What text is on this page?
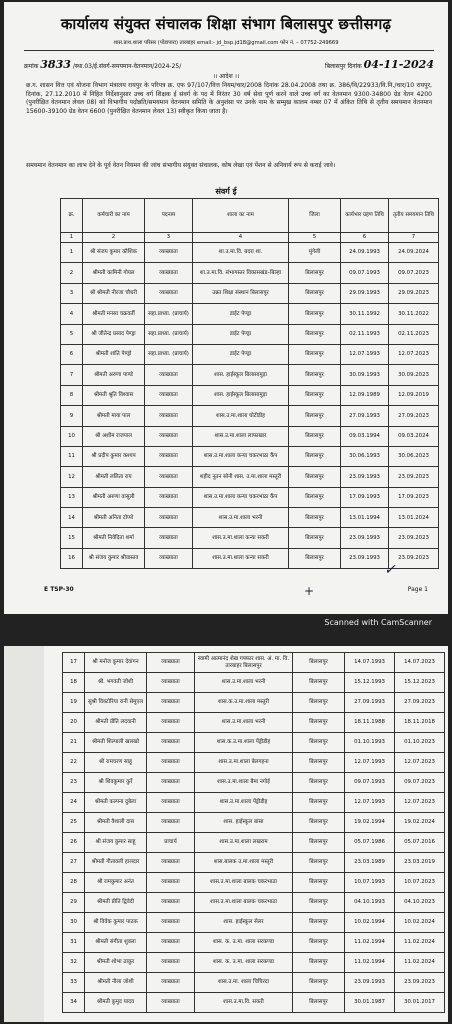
कार्यालय संयुक्त संचालक शिक्षा संभाग बिलासपुर छत्तीसगढ़
शास.प्राथ.शाला परिसर (पोंडापारा) तारबाहर email:- jd_bsp.jd18@gmail.com फोन नं. – 07752-249669
क्रमांक 3833 /स्था.03/ई.संवर्ग-समयमान-वेतनमान/2024-25/	बिलासपुर दिनांक 04-11-2024
।। आदेश ।।
छ.ग. शासन वित्त एवं योजना विभाग मंत्रालय रायपुर के परिपत्र क्र. एफ 97/107/वित्त नियम/चार/2008 दिनांक 28.04.2008 तथा क्र. 386/वि/22933/वि.नि./चार/10 रायपुर, दिनांक, 27.12.2010 में निहित निर्देशानुसार उच्च वर्ग शिक्षक ई संवर्ग के पद में निरंतर 30 वर्ष सेवा पूर्ण करने वाले उच्च वर्ग का वेतनमान 9300-34800 ग्रेड वेतन 4200 (पुनरीक्षित वेतनमान लेवल 08) को विभागीय पदोन्नति/समयमान वेतनमान समिति के अनुशंसा पर उनके नाम के सम्मुख कालम नम्बर 07 में अंकित तिथि से तृतीय समयमान वेतनमान 15600-39100 ग्रेड वेतन 6600 (पुनरीक्षित वेतनमान लेवल 13) स्वीकृत किया जाता है।
समयमान वेतनमान का लाभ देने के पूर्व वेतन नियमन की जांच संभागीय संयुक्त संचालक, कोष लेखा एवं पेंशन से अनिवार्य रूप से कराई जावे।
संवर्ग ई
क्र.	कर्मचारी का नाम	पदनाम	शाला का नाम	जिला	कार्यभार ग्रहण तिथि	तृतीय समयमान तिथि
1	2	3	4	5	6	7
1	श्री संजय कुमार कौशिक	व्याख्याता	शा.उ.मा.वि. बदरा शा.	मुंगेली	24.09.1993	24.09.2024
2	श्रीमती कामिनी गोयल	व्याख्याता	शा.उ.मा.वि. संभागस्तर विकासखंड–बिल्हा	बिलासपुर	09.07.1993	09.07.2023
3	श्री श्रीमती नीरजा चौधरी	व्याख्याता	उन्नत शिक्षा संस्थान बिलासपुर	बिलासपुर	29.09.1993	29.09.2023
4	श्रीमती मनसा चक्रवर्ती	सहा.प्राध्या. (प्राचार्य)	डाईट पेण्ड्रा	बिलासपुर	30.11.1992	30.11.2022
5	श्री जीतेन्द्र प्रसाद पेण्ड्रा	सहा.प्राध्या. (प्राचार्य)	डाईट पेण्ड्रा	बिलासपुर	02.11.1993	02.11.2023
6	श्रीमती शांति पेण्ड्रो	सहा.प्राध्या. (प्राचार्य)	डाईट पेण्ड्रा	बिलासपुर	12.07.1993	12.07.2023
7	श्रीमती अरुणा पाण्डे	व्याख्याता	शास. हाईस्कूल बिलासामुड़ा	बिलासपुर	30.09.1993	30.09.2023
8	श्रीमती श्रुति विश्वास	व्याख्याता	शास. हाईस्कूल बिलासामुड़ा	बिलासपुर	12.09.1989	12.09.2019
9	श्रीमती माया पाल	व्याख्याता	शास.उ.मा.शाला घोटीडीह	बिलासपुर	27.09.1993	27.09.2023
10	श्री अशीम राजपाल	व्याख्याता	शास.उ.मा.शाला लाफाखार	बिलासपुर	09.03.1994	09.03.2024
11	श्री प्रदीप कुमार कश्यप	व्याख्याता	शास.उ.मा.शाला कन्या चकरभाठा कैंप	बिलासपुर	30.06.1993	30.06.2023
12	श्रीमती ललिता राय	व्याख्याता	शहीद नूतन सोनी शास. उ.मा.शाला मस्तूरी	बिलासपुर	23.09.1993	23.09.2023
13	श्रीमती अरुणा वासुली	व्याख्याता	शास.उ.मा.शाला कन्या चकरभाठा कैंप	बिलासपुर	17.09.1993	17.09.2023
14	श्रीमती अनिता टोप्पो	व्याख्याता	शास.उ.मा.शाला भरनी	बिलासपुर	13.01.1994	13.01.2024
15	श्रीमती निवेदिता शर्मा	व्याख्याता	शास.उ.मा.शाला कन्या सकरी	बिलासपुर	23.09.1993	23.09.2023
16	श्री संजय कुमार श्रीवास्तव	व्याख्याता	शास.उ.मा.शाला कन्या सकरी	बिलासपुर	23.09.1993	23.09.2023
✓
+
E TSP-30	Page 1
Scanned with CamScanner
17	श्री मनोज कुमार देवांगन	व्याख्याता	स्वामी आत्मानंद शेख गफ्फार शास. अं. मा. वि. तारबाहर बिलासपुर	बिलासपुर	14.07.1993	14.07.2023
18	श्री. भगवती जोशी	व्याख्याता	शास.उ.मा.शाला भरनी	बिलासपुर	15.12.1993	15.12.2023
19	सुश्री विक्टोरिया रानी सेमुएल	व्याख्याता	शास.क.उ.मा.शाला मस्तूरी	बिलासपुर	27.09.1993	27.09.2023
20	श्रीमती प्रीति लदवानी	व्याख्याता	शास.उ.मा.शाला भरनी	बिलासपुर	18.11.1988	18.11.2018
21	श्रीमती शिल्पाली खलखो	व्याख्याता	शास.क.उ.मा.शाला पेंड्रीडीह	बिलासपुर	01.10.1993	01.10.2023
22	श्री रामचरण साहू	व्याख्याता	शास.उ.मा.शाला बेलगहना	बिलासपुर	12.07.1993	12.07.2023
23	श्री शिवकुमार कुर्रे	व्याख्याता	शास.उ.मा.शाला बैमा नगोई	बिलासपुर	09.07.1993	09.07.2023
24	श्रीमती कल्पना दुबेला	व्याख्याता	शास.उ.मा.शाला पेंड्रीडीह	बिलासपुर	12.07.1993	12.07.2023
25	श्रीमती वैशाली दास	व्याख्याता	शास. हाईस्कूल बांसा	बिलासपुर	19.02.1994	19.02.2024
26	श्री संजय कुमार साहू	प्राचार्य	शास.उ.मा.शाला लखराम	बिलासपुर	05.07.1986	05.07.2016
27	श्रीमती गीतावली हालदार	व्याख्याता	शास.बालक उ.मा.शाला मस्तूरी	बिलासपुर	23.03.1989	23.03.2019
28	श्री रामकुमार अनंत	व्याख्याता	शास.उ.मा.शाला बालक चकरभाठा	बिलासपुर	10.07.1993	10.07.2023
29	श्रीमती प्रीति द्विवेदी	व्याख्याता	शास.उ.मा.शाला बालक चकरभाठा	बिलासपुर	04.10.1993	04.10.2023
30	श्री विवेक कुमार पाठक	व्याख्याता	शास. हाईस्कूल सेलर	बिलासपुर	10.02.1994	10.02.2024
31	श्रीमती संगीता शुक्ला	व्याख्याता	शास. क. उ.मा. शाला सरकण्डा	बिलासपुर	11.02.1994	11.02.2024
32	श्रीमती शोभा ठाकुर	व्याख्याता	शास. क. उ.मा. शाला सरकण्डा	बिलासपुर	11.02.1994	11.02.2024
33	श्रीमती नीला जोशी	व्याख्याता	शास.उ.मा. शाला चिचिरदा	बिलासपुर	23.09.1993	23.09.2023
34	श्रीमती कुमुद यादव	व्याख्याता	शास.उ.मा.वि. सकरी	बिलासपुर	30.01.1987	30.01.2017
